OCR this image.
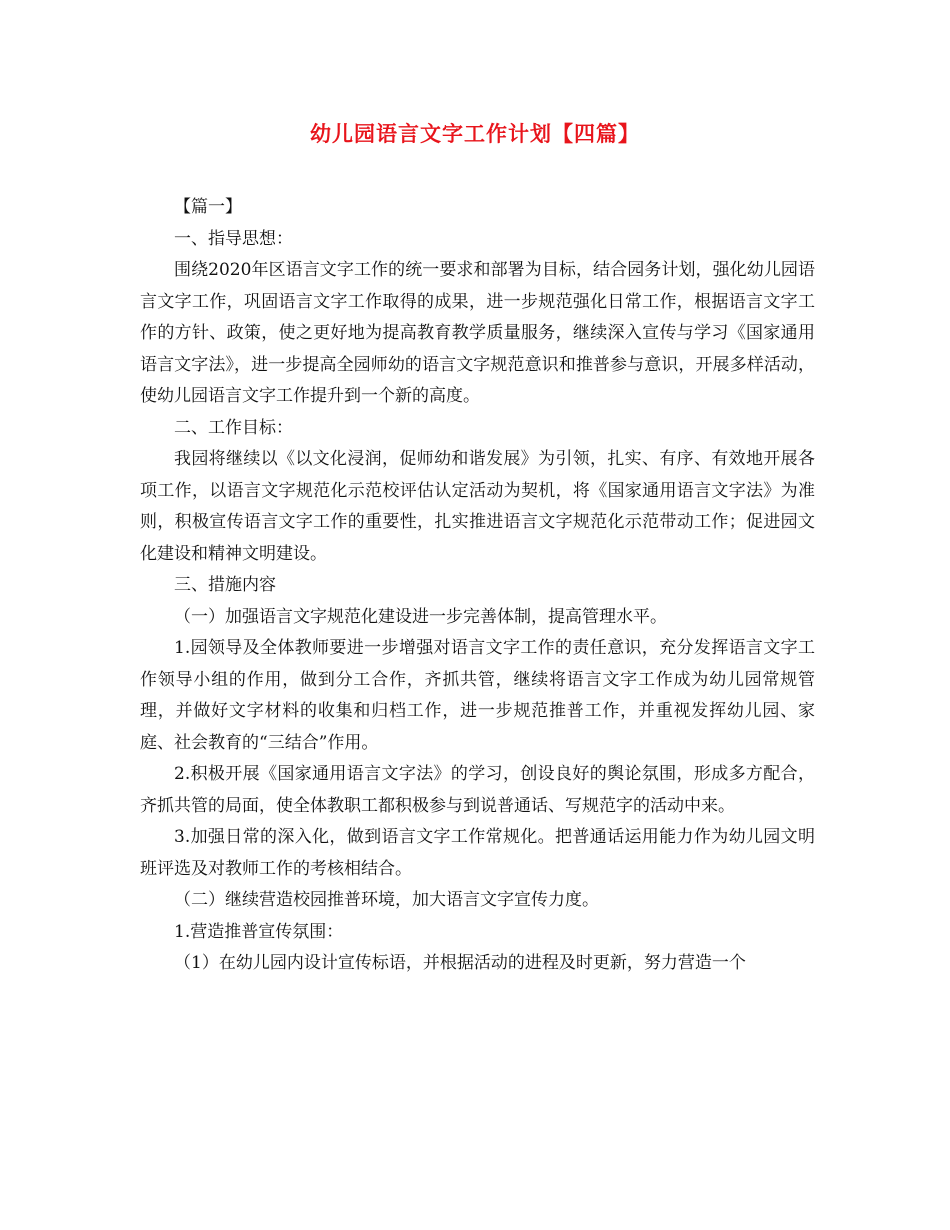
幼儿园语言文字工作计划【四篇】

【篇一】

一、指导思想：

围绕2020年区语言文字工作的统一要求和部署为目标，结合园务计划，强化幼儿园语言文字工作，巩固语言文字工作取得的成果，进一步规范强化日常工作，根据语言文字工作的方针、政策，使之更好地为提高教育教学质量服务，继续深入宣传与学习《国家通用语言文字法》，进一步提高全园师幼的语言文字规范意识和推普参与意识，开展多样活动，使幼儿园语言文字工作提升到一个新的高度。

二、工作目标：

我园将继续以《以文化浸润，促师幼和谐发展》为引领，扎实、有序、有效地开展各项工作，以语言文字规范化示范校评估认定活动为契机，将《国家通用语言文字法》为准则，积极宣传语言文字工作的重要性，扎实推进语言文字规范化示范带动工作；促进园文化建设和精神文明建设。

三、措施内容

（一）加强语言文字规范化建设进一步完善体制，提高管理水平。

1.园领导及全体教师要进一步增强对语言文字工作的责任意识，充分发挥语言文字工作领导小组的作用，做到分工合作，齐抓共管，继续将语言文字工作成为幼儿园常规管理，并做好文字材料的收集和归档工作，进一步规范推普工作，并重视发挥幼儿园、家庭、社会教育的“三结合”作用。

2.积极开展《国家通用语言文字法》的学习，创设良好的舆论氛围，形成多方配合，齐抓共管的局面，使全体教职工都积极参与到说普通话、写规范字的活动中来。

3.加强日常的深入化，做到语言文字工作常规化。把普通话运用能力作为幼儿园文明班评选及对教师工作的考核相结合。

（二）继续营造校园推普环境，加大语言文字宣传力度。

1.营造推普宣传氛围：

（1）在幼儿园内设计宣传标语，并根据活动的进程及时更新，努力营造一个
